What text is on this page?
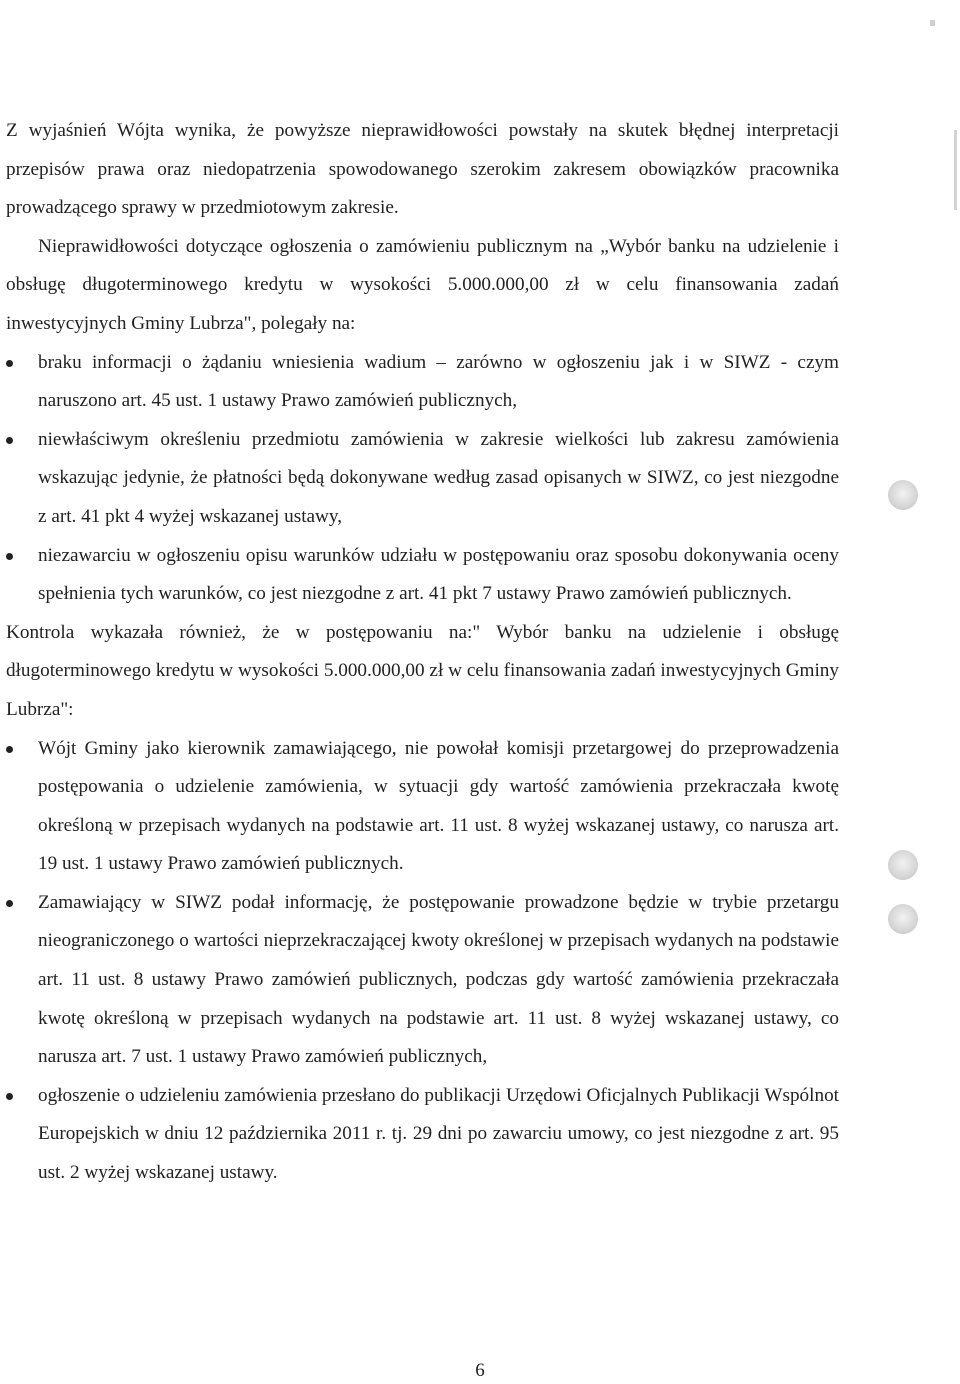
Z wyjaśnień Wójta wynika, że powyższe nieprawidłowości powstały na skutek błędnej interpretacji przepisów prawa oraz niedopatrzenia spowodowanego szerokim zakresem obowiązków pracownika prowadzącego sprawy w przedmiotowym zakresie.

Nieprawidłowości dotyczące ogłoszenia o zamówieniu publicznym na „Wybór banku na udzielenie i obsługę długoterminowego kredytu w wysokości 5.000.000,00 zł w celu finansowania zadań inwestycyjnych Gminy Lubrza", polegały na:

braku informacji o żądaniu wniesienia wadium – zarówno w ogłoszeniu jak i w SIWZ - czym naruszono art. 45 ust. 1 ustawy Prawo zamówień publicznych,
niewłaściwym określeniu przedmiotu zamówienia w zakresie wielkości lub zakresu zamówienia wskazując jedynie, że płatności będą dokonywane według zasad opisanych w SIWZ, co jest niezgodne z art. 41 pkt 4 wyżej wskazanej ustawy,
niezawarciu w ogłoszeniu opisu warunków udziału w postępowaniu oraz sposobu dokonywania oceny spełnienia tych warunków, co jest niezgodne z art. 41 pkt 7 ustawy Prawo zamówień publicznych.

Kontrola wykazała również, że w postępowaniu na:" Wybór banku na udzielenie i obsługę długoterminowego kredytu w wysokości 5.000.000,00 zł w celu finansowania zadań inwestycyjnych Gminy Lubrza":

Wójt Gminy jako kierownik zamawiającego, nie powołał komisji przetargowej do przeprowadzenia postępowania o udzielenie zamówienia, w sytuacji gdy wartość zamówienia przekraczała kwotę określoną w przepisach wydanych na podstawie art. 11 ust. 8 wyżej wskazanej ustawy, co narusza art. 19 ust. 1 ustawy Prawo zamówień publicznych.
Zamawiający w SIWZ podał informację, że postępowanie prowadzone będzie w trybie przetargu nieograniczonego o wartości nieprzekraczającej kwoty określonej w przepisach wydanych na podstawie art. 11 ust. 8 ustawy Prawo zamówień publicznych, podczas gdy wartość zamówienia przekraczała kwotę określoną w przepisach wydanych na podstawie art. 11 ust. 8 wyżej wskazanej ustawy, co narusza art. 7 ust. 1 ustawy Prawo zamówień publicznych,
ogłoszenie o udzieleniu zamówienia przesłano do publikacji Urzędowi Oficjalnych Publikacji Wspólnot Europejskich w dniu 12 października 2011 r. tj. 29 dni po zawarciu umowy, co jest niezgodne z art. 95 ust. 2 wyżej wskazanej ustawy.
6
